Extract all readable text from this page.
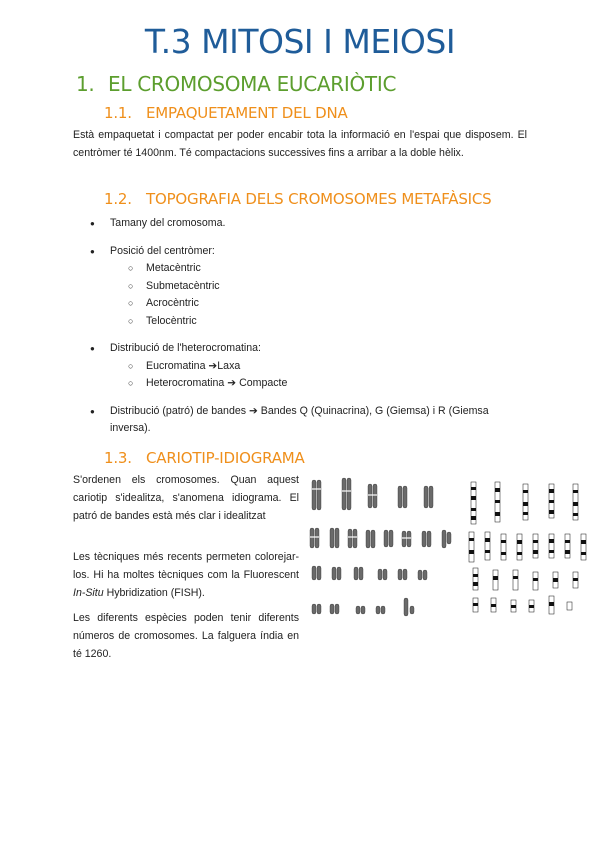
T.3 MITOSI I MEIOSI
1. EL CROMOSOMA EUCARIÒTIC
1.1. EMPAQUETAMENT DEL DNA

Està empaquetat i compactat per poder encabir tota la informació en l'espai que disposem. El centròmer té 1400nm. Té compactacions successives fins a arribar a la doble hèlix.

1.2. TOPOGRAFIA DELS CROMOSOMES METAFÀSICS
● Tamany del cromosoma.
● Posició del centròmer:
○ Metacèntric
○ Submetacèntric
○ Acrocèntric
○ Telocèntric
● Distribució de l'heterocromatina:
○ Eucromatina ➔Laxa
○ Heterocromatina ➔ Compacte
● Distribució (patró) de bandes ➔ Bandes Q (Quinacrina), G (Giemsa) i R (Giemsa inversa).
1.3. CARIOTIP-IDIOGRAMA

S'ordenen els cromosomes. Quan aquest cariotip s'idealitza, s'anomena idiograma. El patró de bandes està més clar i idealitzat

Les tècniques més recents permeten colorejar-los. Hi ha moltes tècniques com la Fluorescent In-Situ Hybridization (FISH).

Les diferents espècies poden tenir diferents números de cromosomes. La falguera índia en té 1260.
